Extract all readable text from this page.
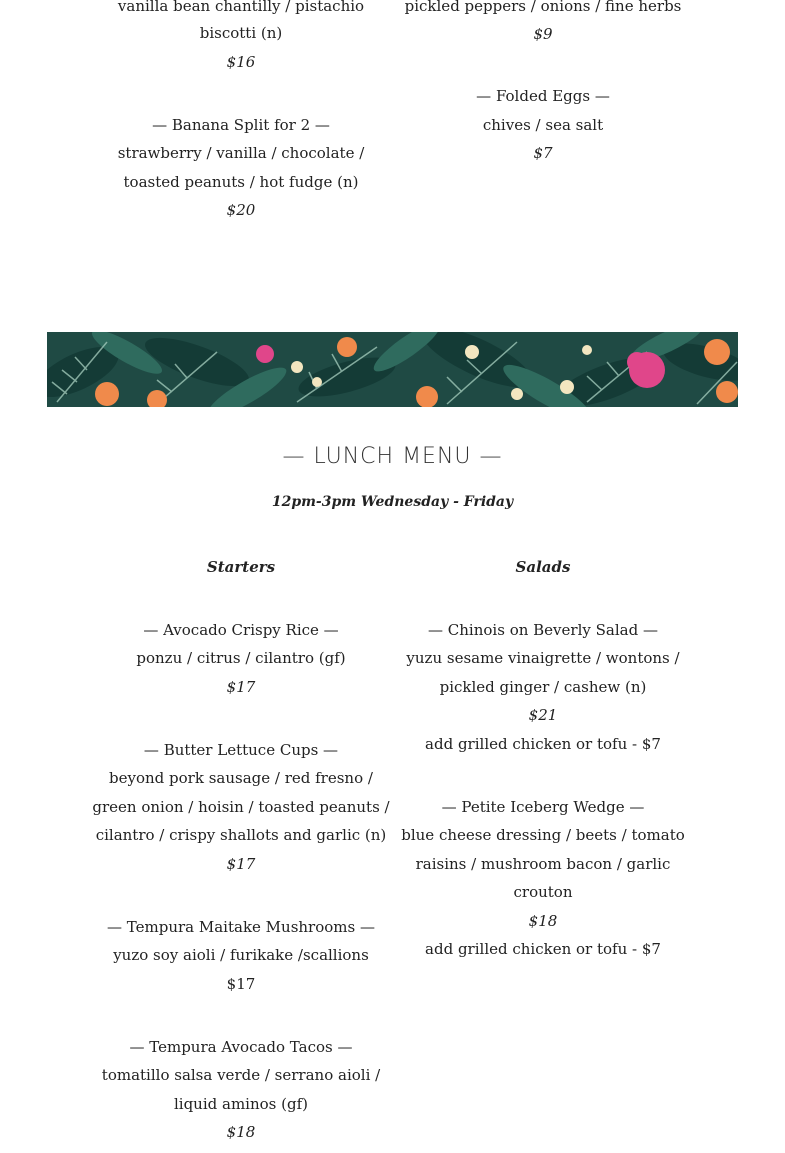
vanilla bean chantilly / pistachio
biscotti (n)
$16
— Banana Split for 2 —
strawberry / vanilla / chocolate /
toasted peanuts / hot fudge (n)
$20
pickled peppers / onions / fine herbs
$9
— Folded Eggs —
chives / sea salt
$7
— LUNCH MENU —
12pm-3pm Wednesday - Friday
Starters
— Avocado Crispy Rice —
ponzu / citrus / cilantro (gf)
$17
— Butter Lettuce Cups —
beyond pork sausage / red fresno /
green onion / hoisin / toasted peanuts /
cilantro / crispy shallots and garlic (n)
$17
— Tempura Maitake Mushrooms —
yuzo soy aioli / furikake /scallions
$17
— Tempura Avocado Tacos —
tomatillo salsa verde / serrano aioli /
liquid aminos (gf)
$18
Salads
— Chinois on Beverly Salad —
yuzu sesame vinaigrette / wontons /
pickled ginger / cashew (n)
$21
add grilled chicken or tofu - $7
— Petite Iceberg Wedge —
blue cheese dressing / beets / tomato
raisins / mushroom bacon / garlic
crouton
$18
add grilled chicken or tofu - $7
